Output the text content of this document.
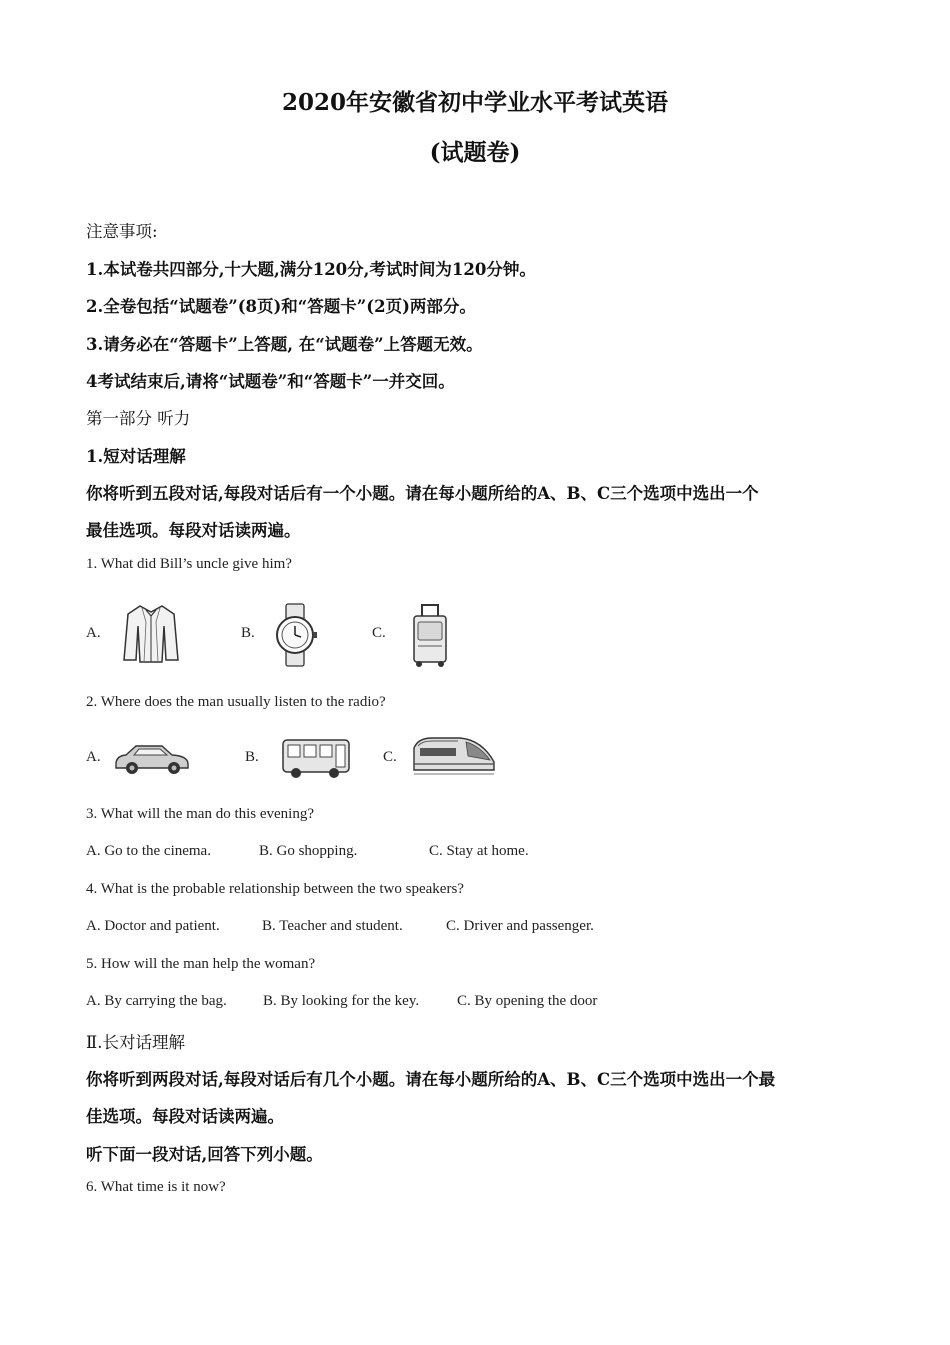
2020年安徽省初中学业水平考试英语
(试题卷)
注意事项:
1.本试卷共四部分,十大题,满分120分,考试时间为120分钟。
2.全卷包括“试题卷”(8页)和“答题卡”(2页)两部分。
3.请务必在“答题卡”上答题, 在“试题卷”上答题无效。
4考试结束后,请将“试题卷”和“答题卡”一并交回。
第一部分 听力
1.短对话理解
你将听到五段对话,每段对话后有一个小题。请在每小题所给的A、B、C三个选项中选出一个
最佳选项。每段对话读两遍。
1. What did Bill’s uncle give him?
A.	B.	C.
2. Where does the man usually listen to the radio?
A.	B.	C.
3. What will the man do this evening?
A. Go to the cinema.	B. Go shopping.	C. Stay at home.
4. What is the probable relationship between the two speakers?
A. Doctor and patient.	B. Teacher and student.	C. Driver and passenger.
5. How will the man help the woman?
A. By carrying the bag. B. By looking for the key.	C. By opening the door
Ⅱ.长对话理解
你将听到两段对话,每段对话后有几个小题。请在每小题所给的A、B、C三个选项中选出一个最
佳选项。每段对话读两遍。
听下面一段对话,回答下列小题。
6. What time is it now?
